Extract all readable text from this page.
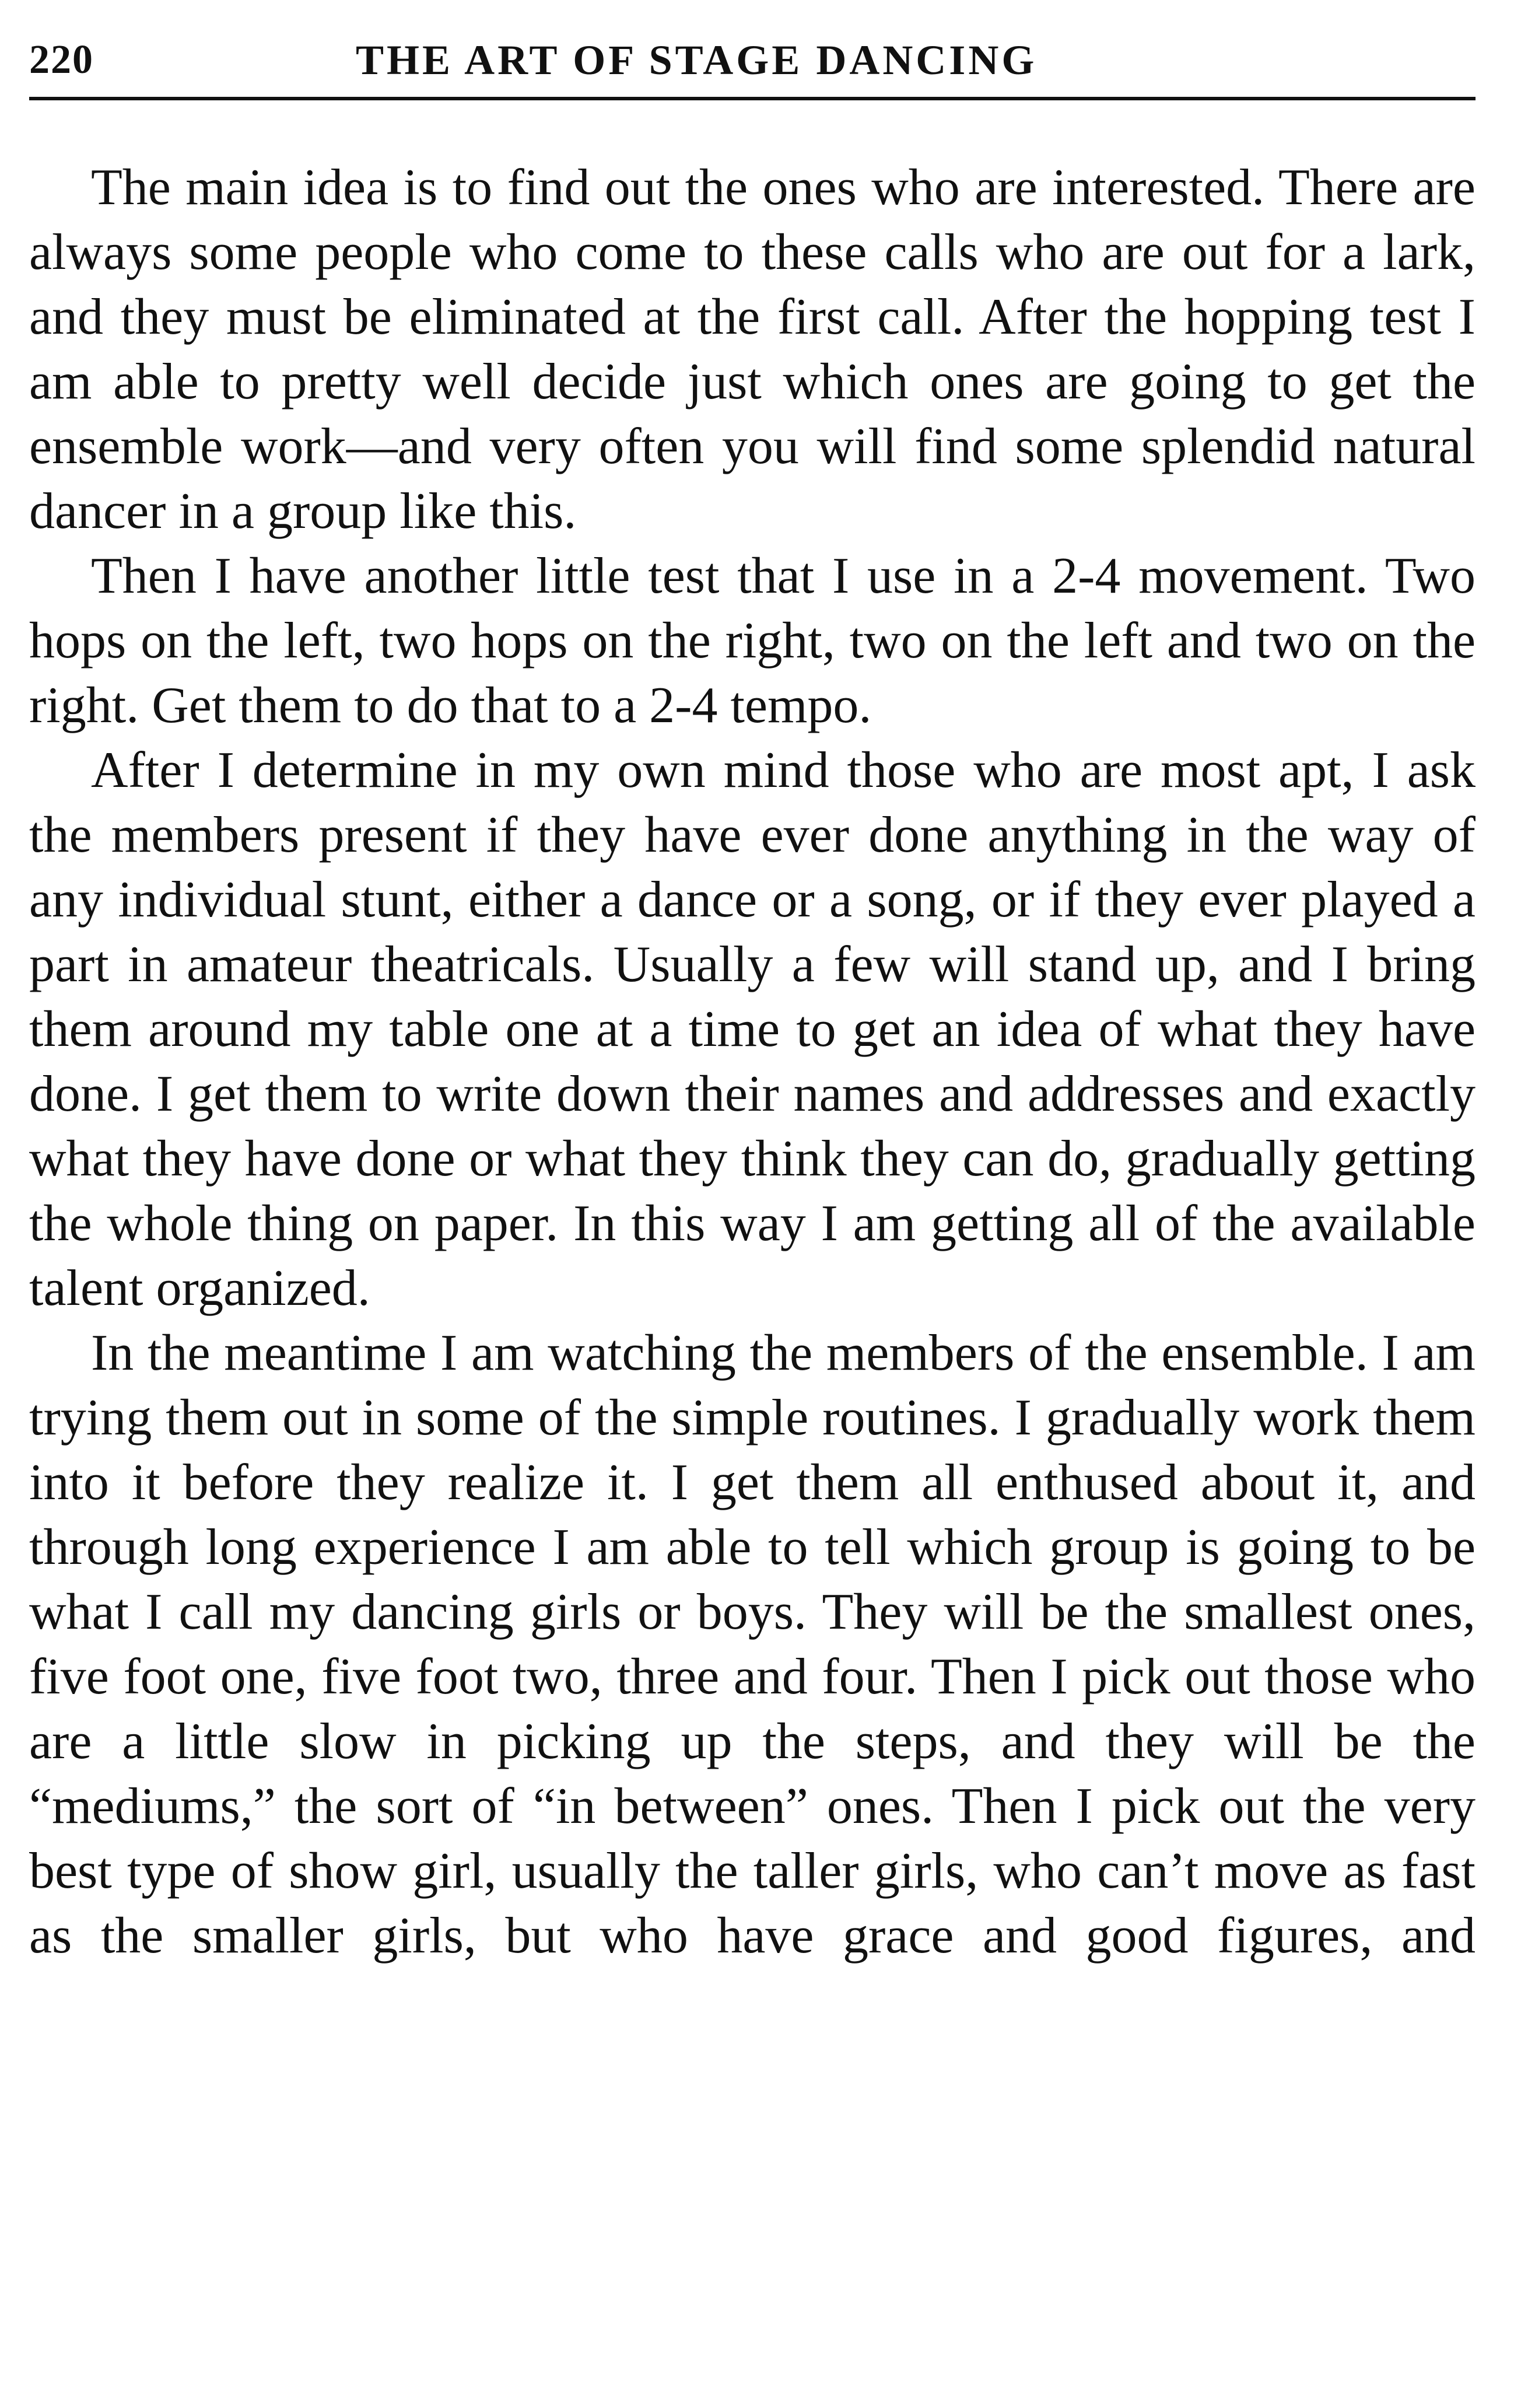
220	THE ART OF STAGE DANCING

The main idea is to find out the ones who are interested. There are always some people who come to these calls who are out for a lark, and they must be eliminated at the first call. After the hopping test I am able to pretty well decide just which ones are going to get the ensemble work—and very often you will find some splendid natural dancer in a group like this.

Then I have another little test that I use in a 2-4 movement. Two hops on the left, two hops on the right, two on the left and two on the right. Get them to do that to a 2-4 tempo.

After I determine in my own mind those who are most apt, I ask the members present if they have ever done anything in the way of any individual stunt, either a dance or a song, or if they ever played a part in amateur theatricals. Usually a few will stand up, and I bring them around my table one at a time to get an idea of what they have done. I get them to write down their names and addresses and exactly what they have done or what they think they can do, gradually getting the whole thing on paper. In this way I am getting all of the available talent organized.

In the meantime I am watching the members of the ensemble. I am trying them out in some of the simple routines. I gradually work them into it before they realize it. I get them all enthused about it, and through long experience I am able to tell which group is going to be what I call my dancing girls or boys. They will be the smallest ones, five foot one, five foot two, three and four. Then I pick out those who are a little slow in picking up the steps, and they will be the “mediums,” the sort of “in between” ones. Then I pick out the very best type of show girl, usually the taller girls, who can’t move as fast as the smaller girls, but who have grace and good figures, and
